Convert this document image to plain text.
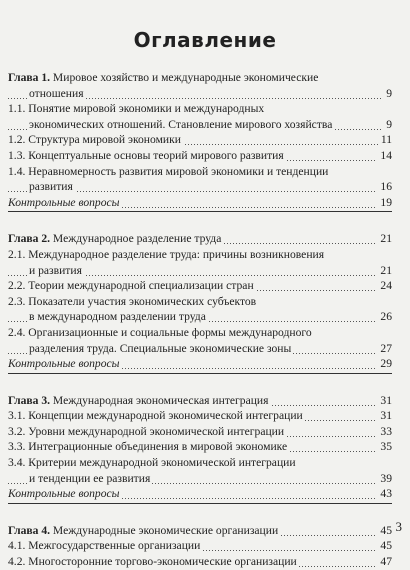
Оглавление
Глава 1. Мировое хозяйство и международные экономические
отношения	9
1.1. Понятие мировой экономики и международных
экономических отношений. Становление мирового хозяйства	9
1.2. Структура мировой экономики	11
1.3. Концептуальные основы теорий мирового развития	14
1.4. Неравномерность развития мировой экономики и тенденции
развития	16
Контрольные вопросы	19
Глава 2. Международное разделение труда	21
2.1. Международное разделение труда: причины возникновения
и развития	21
2.2. Теории международной специализации стран	24
2.3. Показатели участия экономических субъектов
в международном разделении труда	26
2.4. Организационные и социальные формы международного
разделения труда. Специальные экономические зоны	27
Контрольные вопросы	29
Глава 3. Международная экономическая интеграция	31
3.1. Концепции международной экономической интеграции	31
3.2. Уровни международной экономической интеграции	33
3.3. Интеграционные объединения в мировой экономике	35
3.4. Критерии международной экономической интеграции
и тенденции ее развития	39
Контрольные вопросы	43
Глава 4. Международные экономические организации	45
4.1. Межгосударственные организации	45
4.2. Многосторонние торгово-экономические организации	47
3
